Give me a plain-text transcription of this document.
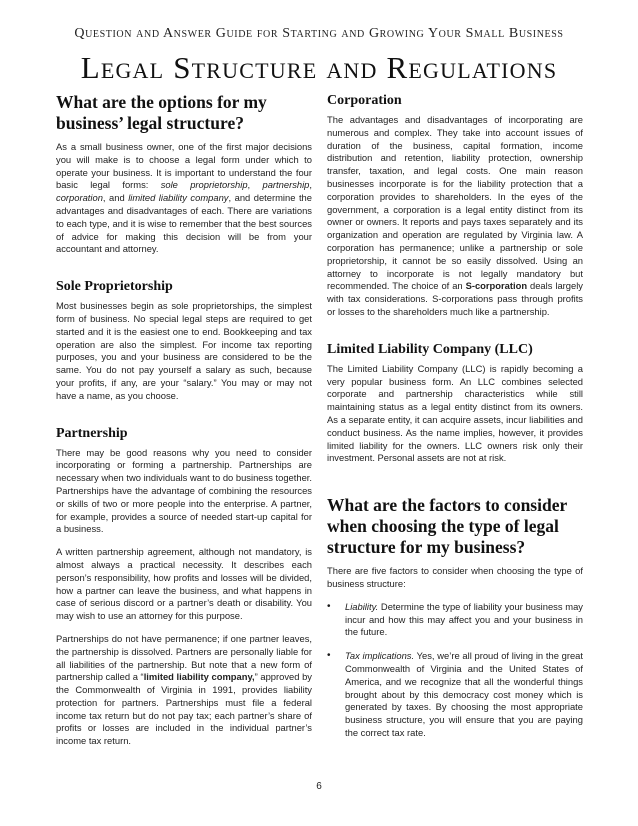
Question and Answer Guide for Starting and Growing Your Small Business
Legal Structure and Regulations
What are the options for my business’ legal structure?

As a small business owner, one of the first major decisions you will make is to choose a legal form under which to operate your business. It is important to understand the four basic legal forms: sole proprietorship, partnership, corporation, and limited liability company, and determine the advantages and disadvantages of each. There are variations to each type, and it is wise to remember that the best sources of advice for making this decision will be from your accountant and attorney.

Sole Proprietorship

Most businesses begin as sole proprietorships, the simplest form of business. No special legal steps are required to get started and it is the easiest one to end. Bookkeeping and tax operation are also the simplest. For income tax reporting purposes, you and your business are considered to be the same. You do not pay yourself a salary as such, because your profits, if any, are your “salary.” You may or may not have a name, as you choose.

Partnership

There may be good reasons why you need to consider incorporating or forming a partnership. Partnerships are necessary when two individuals want to do business together. Partnerships have the advantage of combining the resources or skills of two or more people into the enterprise. A partner, for example, provides a source of needed start-up capital for a business.

A written partnership agreement, although not mandatory, is almost always a practical necessity. It describes each person’s responsibility, how profits and losses will be divided, how a partner can leave the business, and what happens in case of serious discord or a partner’s death or disability. You may wish to use an attorney for this purpose.

Partnerships do not have permanence; if one partner leaves, the partnership is dissolved. Partners are personally liable for all liabilities of the partnership. But note that a new form of partnership called a “limited liability company,” approved by the Commonwealth of Virginia in 1991, provides liability protection for partners. Partnerships must file a federal income tax return but do not pay tax; each partner’s share of profits or losses are included in the individual partner’s income tax return.

Corporation

The advantages and disadvantages of incorporating are numerous and complex. They take into account issues of duration of the business, capital formation, income distribution and retention, liability protection, ownership transfer, taxation, and legal costs. One main reason businesses incorporate is for the liability protection that a corporation provides to shareholders. In the eyes of the government, a corporation is a legal entity distinct from its owner or owners. It reports and pays taxes separately and its organization and operation are regulated by Virginia law. A corporation has permanence; unlike a partnership or sole proprietorship, it cannot be so easily dissolved. Using an attorney to incorporate is not legally mandatory but recommended. The choice of an S-corporation deals largely with tax considerations. S-corporations pass through profits or losses to the shareholders much like a partnership.

Limited Liability Company (LLC)

The Limited Liability Company (LLC) is rapidly becoming a very popular business form. An LLC combines selected corporate and partnership characteristics while still maintaining status as a legal entity distinct from its owners. As a separate entity, it can acquire assets, incur liabilities and conduct business. As the name implies, however, it provides limited liability for the owners. LLC owners risk only their investment. Personal assets are not at risk.

What are the factors to consider when choosing the type of legal structure for my business?

There are five factors to consider when choosing the type of business structure:

• Liability. Determine the type of liability your business may incur and how this may affect you and your business in the future.

• Tax implications. Yes, we’re all proud of living in the great Commonwealth of Virginia and the United States of America, and we recognize that all the wonderful things brought about by this democracy cost money which is generated by taxes. By choosing the most appropriate business structure, you will ensure that you are paying the correct tax rate.

6
